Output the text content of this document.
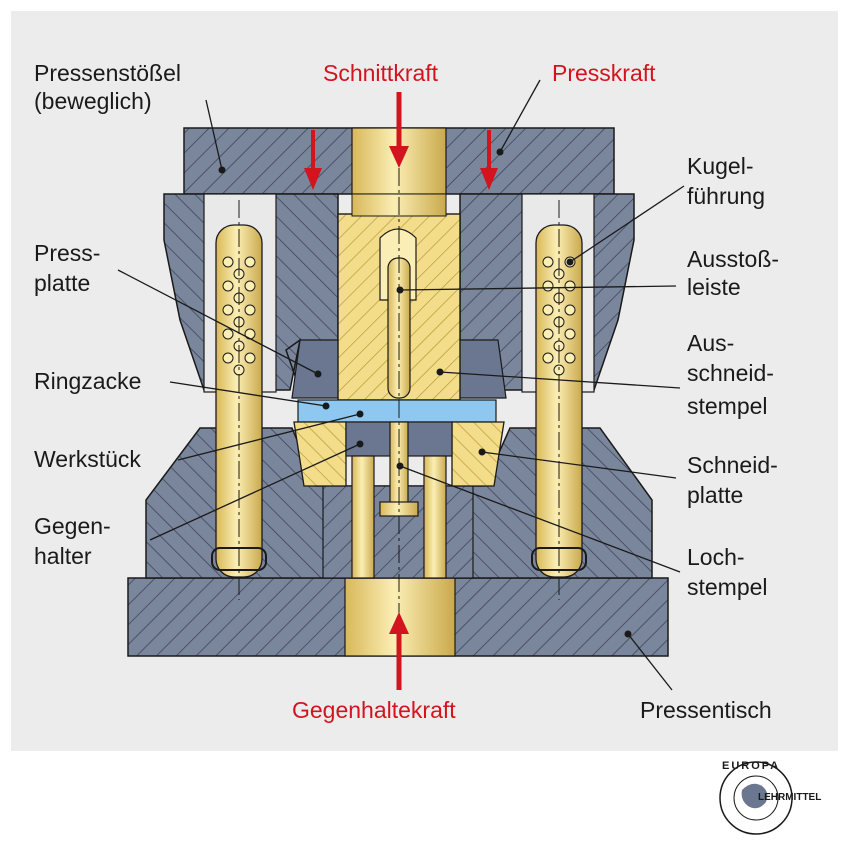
Pressenstößel
(beweglich)
Schnittkraft	Presskraft
Kugel-
führung
Press-
platte
Ausstoß-
leiste
Aus-
schneid-
stempel
Ringzacke
Werkstück	Schneid-
platte
Gegen-
halter	Loch-
stempel
Gegenhaltekraft	Pressentisch
EUROPA
LEHRMITTEL
